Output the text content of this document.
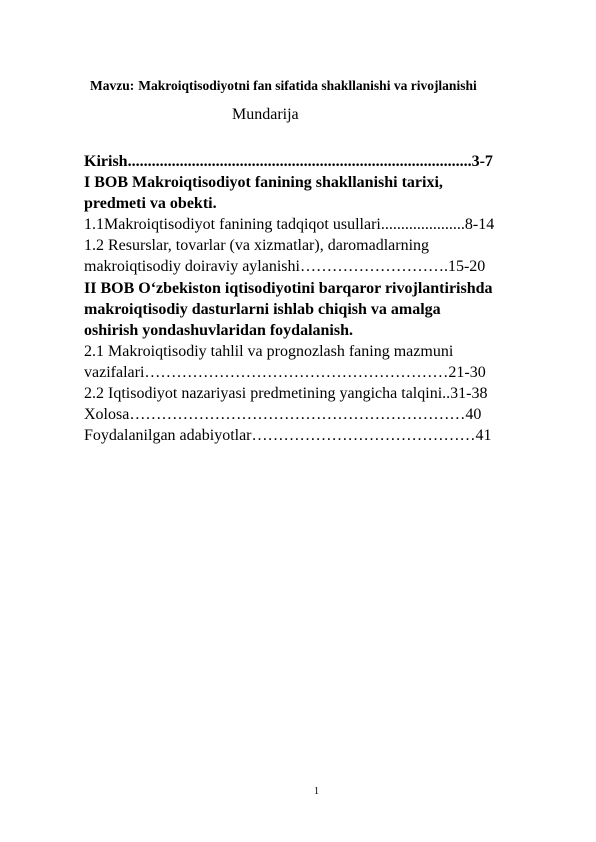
Mavzu: Makroiqtisodiyotni fan sifatida shakllanishi va rivojlanishi
Mundarija
Kirish......................................................................................3-7
I BOB Makroiqtisodiyot fanining shakllanishi tarixi,
predmeti va obekti.
1.1Makroiqtisodiyot fanining tadqiqot usullari.....................8-14
1.2 Resurslar, tovarlar (va xizmatlar), daromadlarning
makroiqtisodiy doiraviy aylanishi……………………….15-20
II BOB O‘zbekiston iqtisodiyotini barqaror rivojlantirishda
makroiqtisodiy dasturlarni ishlab chiqish va amalga
oshirish yondashuvlaridan foydalanish.
2.1 Makroiqtisodiy tahlil va prognozlash faning mazmuni
vazifalari…………………………………………………21-30
2.2 Iqtisodiyot nazariyasi predmetining yangicha talqini..31-38
Xolosa………………………………………………………40
Foydalanilgan adabiyotlar……………………………………41
1
